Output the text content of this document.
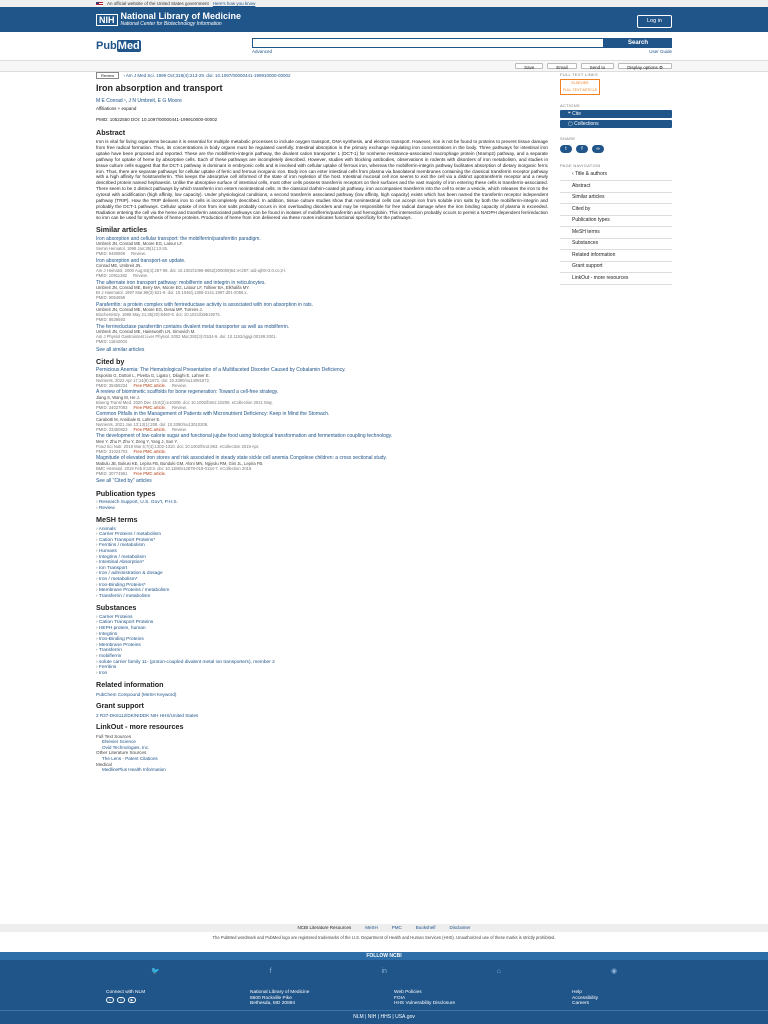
An official website of the United States government Here's how you know
NIH National Library of Medicine
National Center for Biotechnology Information
Log in
PubMed	Search
Advanced	User Guide
Save	Email	Send to	Display options ⚙
Review › Am J Med Sci. 1999 Oct;318(4):213-29. doi: 10.1097/00000441-199910000-00002
Iron absorption and transport
M E Conrad ¹, J N Umbreit, E G Moore
Affiliations + expand
PMID: 10522550 DOI: 10.1097/00000441-199910000-00002
Abstract

Iron is vital for living organisms because it is essential for multiple metabolic processes to include oxygen transport, DNA synthesis, and electron transport. However, iron is not be found to proteins to prevent tissue damage from free radical formation. Thus, its concentrations in body organs must be regulated carefully. Intestinal absorption is the primary exchange regulating iron concentrations in the body. Three pathways for intestinal iron uptake have been proposed and reported. These are the mobilferrin-integrin pathway, the divalent cation transporter 1 (DCT-1) for nonheme resistance-associated macrophage protein (Nramp2) pathway, and a separate pathway for uptake of heme by absorptive cells. Each of these pathways are incompletely described. However, studies with blocking antibodies, observations in rodents with disorders of iron metabolism, and studies in tissue culture cells suggest that the DCT-1 pathway is dominant in embryonic cells and is involved with cellular uptake of ferrous iron, whereas the mobilferrin-integrin pathway facilitates absorption of dietary inorganic ferric iron. Thus, there are separate pathways for cellular uptake of ferric and ferrous inorganic iron. Body iron can enter intestinal cells from plasma via basolateral membranes containing the classical transferrin receptor pathway with a high affinity for holotransferrin. This keeps the absorptive cell informed of the state of iron repletion of the host. Intestinal mucosal cell iron seems to exit the cell via a distinct apotransferrin receptor and a newly described protein named hephaestin. Unlike the absorptive surface of intestinal cells, most other cells possess transferrin receptors on their surfaces and the vast majority of iron entering these cells is transferrin-associated. There seem to be 2 distinct pathways by which transferrin iron enters nonintestinal cells. In the classical clathrin-coated pit pathway, iron accompanies transferrin into the cell to enter a vesicle, which releases the iron to the cytosol with acidification (high affinity, low capacity). Under physiological conditions, a second transferrin associated pathway (low affinity, high capacity) exists which has been named the transferrin receptor independent pathway (TRIP). How the TRIP delivers iron to cells is incompletely described. In addition, tissue culture studies show that nonintestinal cells can accept iron from soluble iron salts by both the mobilferrin-integrin and probably the DCT-1 pathways. Cellular uptake of iron from iron salts probably occurs in iron overloading disorders and may be responsible for free radical damage when the iron binding capacity of plasma is exceeded. Radiation entering the cell via the heme and transferrin associated pathways can be found in isolates of mobilferrin/paraferritin and hemoglobin. This intersection probably occurs to permit a NADPH dependent ferrireduction so iron can be used for synthesis of heme proteins. Production of heme from iron delivered via these routes indicates functional specificity for the pathways.

Similar articles
Iron absorption and cellular transport: the mobilferrin/paraferritin paradigm.
Umbreit JN, Conrad ME, Moore EG, Latour LF.
Semin Hematol. 1998 Jan;35(1):13-26.
PMID: 9460806 Review.
Iron absorption and transport-an update.
Conrad ME, Umbreit JN.
Am J Hematol. 2000 Aug;64(4):287-98. doi: 10.1002/1096-8652(200008)64:4<287::aid-ajh9>3.0.co;2-l.
PMID: 10911382 Review.
The alternate iron transport pathway: mobilferrin and integrin in reticulocytes.
Umbreit JN, Conrad ME, Berry MA, Moore EG, Latour LF, Tolliver BA, Elkhalifa MY.
Br J Haematol. 1997 Mar;96(3):521-9. doi: 10.1046/j.1365-2141.1997.d01-2059.x.
PMID: 9054659
Paraferritin: a protein complex with ferrireductase activity is associated with iron absorption in rats.
Umbreit JN, Conrad ME, Moore EG, Desai MP, Turrens J.
Biochemistry. 1996 May 21;35(20):6460-9. doi: 10.1021/bi951927s.
PMID: 8639593
The ferrireductase paraferritin contains divalent metal transporter as well as mobilferrin.
Umbreit JN, Conrad ME, Hainsworth LN, Simovich M.
Am J Physiol Gastrointest Liver Physiol. 2002 Mar;282(3):G534-9. doi: 10.1152/ajpgi.00199.2001.
PMID: 11842004
See all similar articles
Cited by
Pernicious Anemia: The Hematological Presentation of a Multifaceted Disorder Caused by Cobalamin Deficiency.
Esposito G, Dottori L, Pivetta G, Ligato I, Dilaghi E, Lahner E.
Nutrients. 2022 Apr 17;14(8):1672. doi: 10.3390/nu14081672.
PMID: 35458234 Free PMC article. Review.
A review of biomimetic scaffolds for bone regeneration: Toward a cell-free strategy.
Jiang S, Wang M, He J.
Bioeng Transl Med. 2020 Dec 15;6(2):e10206. doi: 10.1002/btm2.10206. eCollection 2021 May.
PMID: 34027093 Free PMC article. Review.
Common Pitfalls in the Management of Patients with Micronutrient Deficiency: Keep in Mind the Stomach.
Carabotti M, Annibale B, Lahner E.
Nutrients. 2021 Jan 13;13(1):208. doi: 10.3390/nu13010208.
PMID: 33450823 Free PMC article. Review.
The development of low-calorie sugar and functional jujube food using biological transformation and fermentation coupling technology.
Men Y, Zhu P, Zhu Y, Zeng Y, Yang J, Sun Y.
Food Sci Nutr. 2019 Mar 6;7(4):1302-1310. doi: 10.1002/fsn3.963. eCollection 2019 Apr.
PMID: 31024703 Free PMC article.
Magnitude of elevated iron stores and risk associated in steady state sickle cell anemia Congolese children: a cross sectional study.
Mabulu JB, Bukusi KE, Lepira FB, Bunduki GM, Aloni MN, Ngiyulu RM, Gini JL, Lepira FB.
BMC Hematol. 2019 Feb 8;19:3. doi: 10.1186/s12878-019-0134-7. eCollection 2019.
PMID: 30774961 Free PMC article.
See all "Cited by" articles
Publication types
› Research Support, U.S. Gov't, P.H.S.
› Review
MeSH terms
› Animals
› Carrier Proteins / metabolism
› Cation Transport Proteins*
› Ferritins / metabolism
› Humans
› Integrins / metabolism
› Intestinal Absorption*
› Ion Transport
› Iron / administration & dosage
› Iron / metabolism*
› Iron-Binding Proteins*
› Membrane Proteins / metabolism
› Transferrin / metabolism
Substances
› Carrier Proteins
› Cation Transport Proteins
› HEPH protein, human
› Integrins
› Iron-Binding Proteins
› Membrane Proteins
› Transferrin
› mobilferrin
› solute carrier family 11- (proton-coupled divalent metal ion transporters), member 2
› Ferritins
› Iron
Related information
PubChem Compound (MeSH Keyword)
Grant support
2 R37-DK6112/DK/NIDDK NIH HHS/United States
LinkOut - more resources
Full Text Sources
Elsevier Science
Ovid Technologies, Inc.
Other Literature Sources
The Lens - Patent Citations
Medical
MedlinePlus Health Information
FULL TEXT LINKS
ELSEVIER
FULL-TEXT ARTICLE
ACTIONS
❝ Cite
▢ Collections
SHARE
t	f	∞
PAGE NAVIGATION
‹ Title & authors
Abstract
Similar articles
Cited by
Publication types
MeSH terms
Substances
Related information
Grant support
LinkOut - more resources
NCBI Literature Resources	MeSH	PMC	Bookshelf	Disclaimer
The PubMed wordmark and PubMed logo are registered trademarks of the U.S. Department of Health and Human Services (HHS). Unauthorized use of these marks is strictly prohibited.
FOLLOW NCBI
🐦	f	in	⌂	◉
Connect with NLM
t	f	▶
National Library of Medicine
8600 Rockville Pike
Bethesda, MD 20894
Web Policies
FOIA
HHS Vulnerability Disclosure
Help
Accessibility
Careers
NLM | NIH | HHS | USA.gov
